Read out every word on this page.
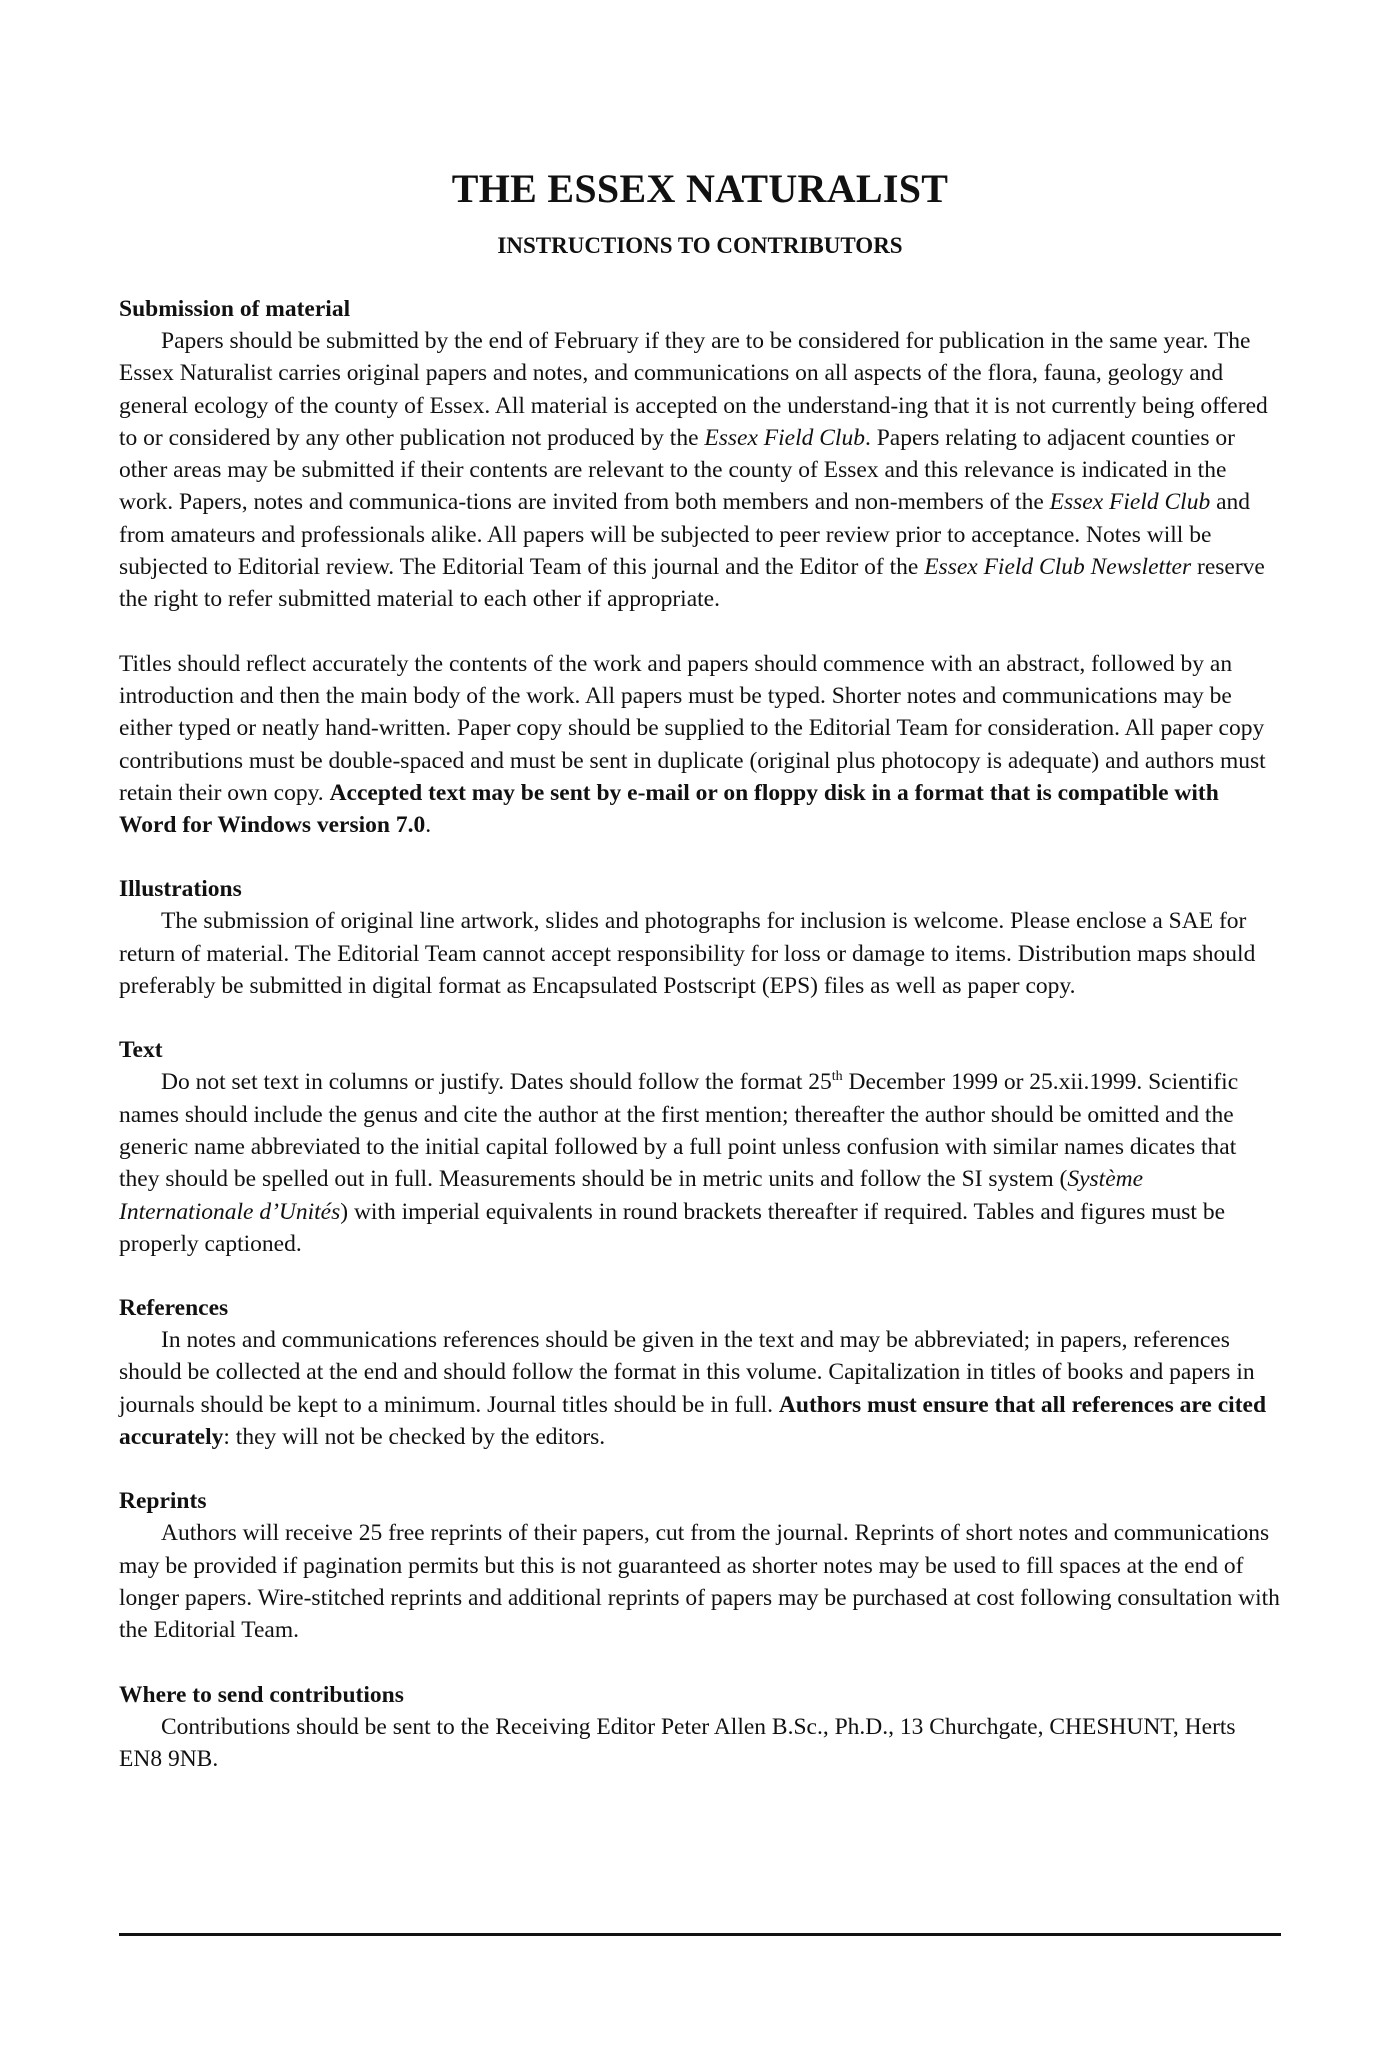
THE ESSEX NATURALIST
INSTRUCTIONS TO CONTRIBUTORS
Submission of material

Papers should be submitted by the end of February if they are to be considered for publication in the same year. The Essex Naturalist carries original papers and notes, and communications on all aspects of the flora, fauna, geology and general ecology of the county of Essex. All material is accepted on the understand-ing that it is not currently being offered to or considered by any other publication not produced by the Essex Field Club. Papers relating to adjacent counties or other areas may be submitted if their contents are relevant to the county of Essex and this relevance is indicated in the work. Papers, notes and communica-tions are invited from both members and non-members of the Essex Field Club and from amateurs and professionals alike. All papers will be subjected to peer review prior to acceptance. Notes will be subjected to Editorial review. The Editorial Team of this journal and the Editor of the Essex Field Club Newsletter reserve the right to refer submitted material to each other if appropriate.

Titles should reflect accurately the contents of the work and papers should commence with an abstract, followed by an introduction and then the main body of the work. All papers must be typed. Shorter notes and communications may be either typed or neatly hand-written. Paper copy should be supplied to the Editorial Team for consideration. All paper copy contributions must be double-spaced and must be sent in duplicate (original plus photocopy is adequate) and authors must retain their own copy. Accepted text may be sent by e-mail or on floppy disk in a format that is compatible with Word for Windows version 7.0.

Illustrations

The submission of original line artwork, slides and photographs for inclusion is welcome. Please enclose a SAE for return of material. The Editorial Team cannot accept responsibility for loss or damage to items. Distribution maps should preferably be submitted in digital format as Encapsulated Postscript (EPS) files as well as paper copy.

Text

Do not set text in columns or justify. Dates should follow the format 25th December 1999 or 25.xii.1999. Scientific names should include the genus and cite the author at the first mention; thereafter the author should be omitted and the generic name abbreviated to the initial capital followed by a full point unless confusion with similar names dicates that they should be spelled out in full. Measurements should be in metric units and follow the SI system (Système Internationale d’Unités) with imperial equivalents in round brackets thereafter if required. Tables and figures must be properly captioned.

References

In notes and communications references should be given in the text and may be abbreviated; in papers, references should be collected at the end and should follow the format in this volume. Capitalization in titles of books and papers in journals should be kept to a minimum. Journal titles should be in full. Authors must ensure that all references are cited accurately: they will not be checked by the editors.

Reprints

Authors will receive 25 free reprints of their papers, cut from the journal. Reprints of short notes and communications may be provided if pagination permits but this is not guaranteed as shorter notes may be used to fill spaces at the end of longer papers. Wire-stitched reprints and additional reprints of papers may be purchased at cost following consultation with the Editorial Team.

Where to send contributions

Contributions should be sent to the Receiving Editor Peter Allen B.Sc., Ph.D., 13 Churchgate, CHESHUNT, Herts EN8 9NB.
